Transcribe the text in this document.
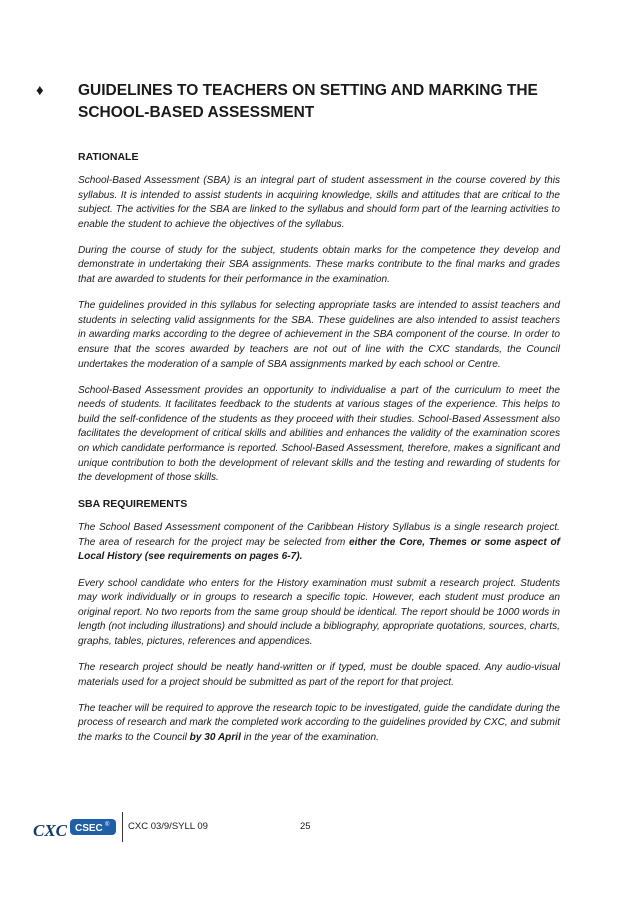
♦ GUIDELINES TO TEACHERS ON SETTING AND MARKING THE
SCHOOL-BASED ASSESSMENT
RATIONALE

School-Based Assessment (SBA) is an integral part of student assessment in the course covered by this syllabus. It is intended to assist students in acquiring knowledge, skills and attitudes that are critical to the subject. The activities for the SBA are linked to the syllabus and should form part of the learning activities to enable the student to achieve the objectives of the syllabus.

During the course of study for the subject, students obtain marks for the competence they develop and demonstrate in undertaking their SBA assignments. These marks contribute to the final marks and grades that are awarded to students for their performance in the examination.

The guidelines provided in this syllabus for selecting appropriate tasks are intended to assist teachers and students in selecting valid assignments for the SBA. These guidelines are also intended to assist teachers in awarding marks according to the degree of achievement in the SBA component of the course. In order to ensure that the scores awarded by teachers are not out of line with the CXC standards, the Council undertakes the moderation of a sample of SBA assignments marked by each school or Centre.

School-Based Assessment provides an opportunity to individualise a part of the curriculum to meet the needs of students. It facilitates feedback to the students at various stages of the experience. This helps to build the self-confidence of the students as they proceed with their studies. School-Based Assessment also facilitates the development of critical skills and abilities and enhances the validity of the examination scores on which candidate performance is reported. School-Based Assessment, therefore, makes a significant and unique contribution to both the development of relevant skills and the testing and rewarding of students for the development of those skills.

SBA REQUIREMENTS

The School Based Assessment component of the Caribbean History Syllabus is a single research project. The area of research for the project may be selected from either the Core, Themes or some aspect of Local History (see requirements on pages 6-7).

Every school candidate who enters for the History examination must submit a research project. Students may work individually or in groups to research a specific topic. However, each student must produce an original report. No two reports from the same group should be identical. The report should be 1000 words in length (not including illustrations) and should include a bibliography, appropriate quotations, sources, charts, graphs, tables, pictures, references and appendices.

The research project should be neatly hand-written or if typed, must be double spaced. Any audio-visual materials used for a project should be submitted as part of the report for that project.

The teacher will be required to approve the research topic to be investigated, guide the candidate during the process of research and mark the completed work according to the guidelines provided by CXC, and submit the marks to the Council by 30 April in the year of the examination.

CXC CSEC ® CXC 03/9/SYLL 09	25
